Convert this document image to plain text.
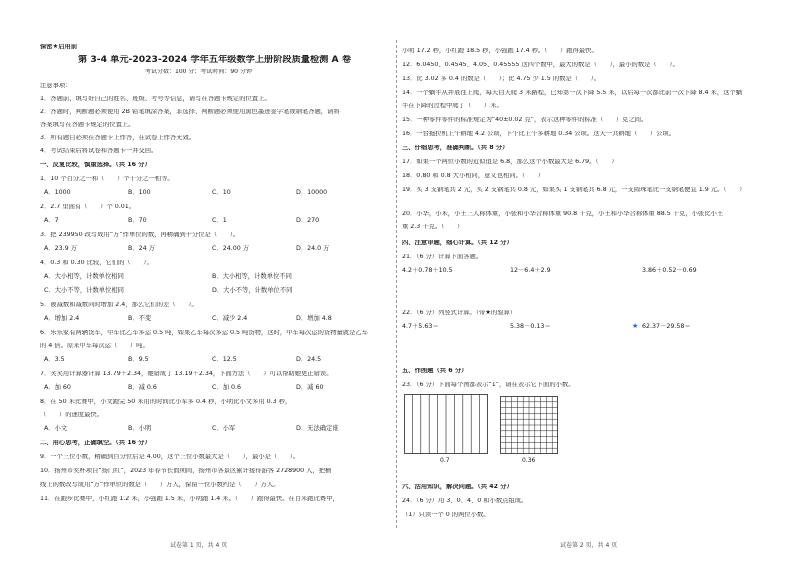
保密★启用前
第 3-4 单元-2023-2024 学年五年级数学上册阶段质量检测 A 卷
考试分数：100 分；考试时间：90 分钟
注意事项：
1．答题前，填写好自己的姓名、班级、考号等信息，请写在答题卡规定的位置上。
2．答题时，判断题必须使用 2B 铅笔填涂答案，非选择、判断题必须使用黑色墨迹签字笔或钢笔答题，请将
答案填写在答题卡规定的位置上。
3．所有题目必须在答题卡上作答，在试卷上作答无效。
4．考试结束后将试卷和答题卡一并交回。
一、反复比较，慎重选择。（共 16 分）
1．10 个百分之一和（　　）个千分之一相等。
A．1000	B．100	C．10	D．10000
2．2.7 里面有（　　）个 0.01。
A．7	B．70	C．1	D．270
3．把 239950 改写成用“万”作单位的数，再精确到十分位是（　　）。
A．23.9 万	B．24 万	C．24.00 万	D．24.0 万
4．0.3 和 0.30 比较，它们的（　　）。
A．大小相等，计数单位相同	B．大小相等，计数单位不同
C．大小不等，计数单位相同	D．大小不等，计数单位不同
5．被减数和减数同时增加 2.4，那么它们的差（　　）。
A．增加 2.4	B．不变	C．减少 2.4	D．增加 4.8
6．乐乐家有两辆货车，甲车比乙车多运 0.5 吨，如果乙车每次多运 0.5 吨货物，这时，甲车每次运的货物量就是乙车
的 4 倍。原来甲车每次运（　　）吨。
A．3.5	B．9.5	C．12.5	D．24.5
7．笑笑用计算器计算 13.79＋2.34，她错成了 13.19＋2.34，下面方法（　　）可以帮助她更正错误。
A．加 60	B．减 0.6	C．加 0.6	D．减 60
8．在 50 米比赛中，小文跑完 50 米用的时间比小军多 0.4 秒，小明比小文多用 0.3 秒，
（　　）的速度最快。
A．小文	B．小明	C．小军	D．无法确定谁
二、用心思考，正确填空。（共 16 分）
9．一个三位小数，精确到百分位后是 4.00，这个三位小数最大是（　　），最小是（　　）。
10．扬州市奖杯项目“扬门红”，2023 年春节长假期间，扬州市各景区累计接待游客 2728900 人，把横
线上的数改写成用“万”作单位的数是（　　）万人，保留一位小数约是（　　）万人。
11．在跑步比赛中，小红跑 1.2 米，小强跑 1.5 米，小明跑 1.4 米。（　　）跑得最快。在百米跑比赛中，
小明 17.2 秒，小红跑 18.5 秒，小强跑 17.4 秒。（　　）跑得最快。
12．6.0450、0.4545、4.05、0.45555 这四个数中，最大的数是（　　），最小的数是（　　）。
13．比 3.02 多 0.4 的数是（　　）；比 4.75 少 1.5 的数是（　　）。
14．一个蜗牛从井底往上爬，每天白天爬 3 米路程，已知第一次下降 5.5 米，以后每一次都比前一次下降 8.4 米，这个蜗
牛在下降的过程中爬了（　　）米。
15．一种零件零件的标准规定为“40±0.02 克”，表示这种零件的标准（　　）克之间。
16．一台拖拉机上午耕地 4.2 公顷，下午比上午多耕地 0.34 公顷。这天一共耕地（　　）公顷。
三、仔细思考，准确判断。（共 8 分）
17．如果一个两位小数的近似值是 6.8，那么这个小数最大是 6.79。（　　）
18．0.80 和 0.8 大小相同，意义也相同。（　　）
19．买 3 支钢笔共 2 元，买 2 支钢笔共 0.8 元，如果买 1 支钢笔共 6.8 元，一支圆珠笔比一支钢笔便宜 1.9 元。（　　）
20．小华，小米，小王三人称体重，小张和小华合称体重 90.8 千克，小王和小华合称体重 88.5 千克，小张比小王
重 2.3 千克。（　　）
四、注意审题，细心计算。（共 12 分）
21．（6 分）计算下面各题。
4.2＋0.78＋10.5	12－6.4＋2.9	3.86＋0.52－0.69
22．（6 分）列竖式计算。（带★的验算）
4.7＋5.63＝	5.38－0.13＝	★ 62.37－29.58＝
五、作图题（共 6 分）
23．（6 分）下面每个图都表示“1”，请在表示它下面的小数。
0.7	0.36
六、活用知识，解决问题。（共 42 分）
24．（6 分）用 3、0、4、0 和小数点组成。
（1）只读一个 0 的两位小数。
试卷第 1 页，共 4 页	试卷第 2 页，共 4 页
